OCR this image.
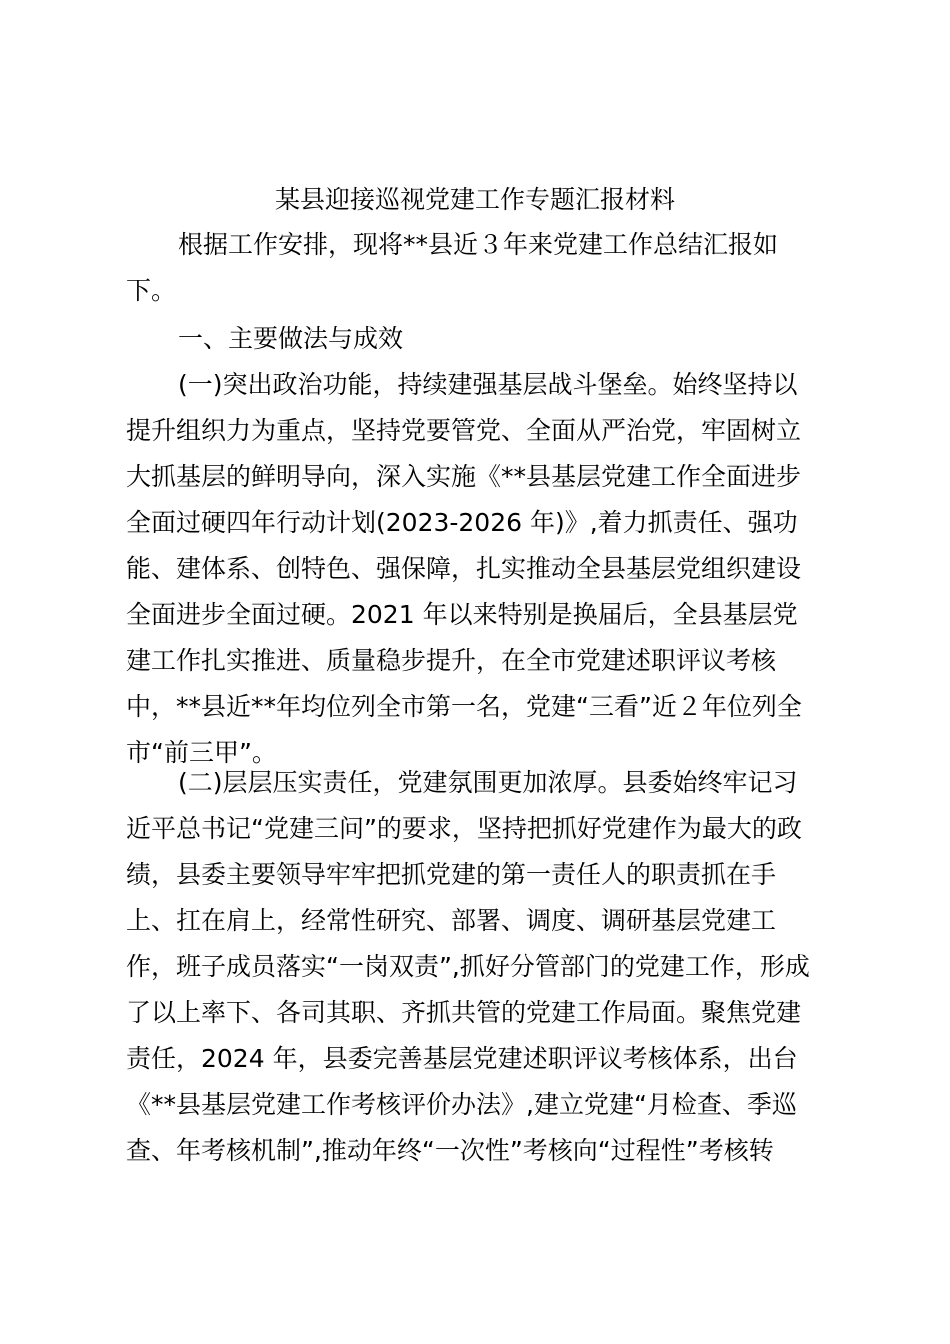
某县迎接巡视党建工作专题汇报材料
根据工作安排，现将**县近３年来党建工作总结汇报如
下。
一、主要做法与成效
(一)突出政治功能，持续建强基层战斗堡垒。始终坚持以
提升组织力为重点，坚持党要管党、全面从严治党，牢固树立
大抓基层的鲜明导向，深入实施《**县基层党建工作全面进步
全面过硬四年行动计划(2023-2026 年)》,着力抓责任、强功
能、建体系、创特色、强保障，扎实推动全县基层党组织建设
全面进步全面过硬。2021 年以来特别是换届后，全县基层党
建工作扎实推进、质量稳步提升，在全市党建述职评议考核
中，**县近**年均位列全市第一名，党建“三看”近２年位列全
市“前三甲”。
(二)层层压实责任，党建氛围更加浓厚。县委始终牢记习
近平总书记“党建三问”的要求，坚持把抓好党建作为最大的政
绩，县委主要领导牢牢把抓党建的第一责任人的职责抓在手
上、扛在肩上，经常性研究、部署、调度、调研基层党建工
作，班子成员落实“一岗双责”,抓好分管部门的党建工作，形成
了以上率下、各司其职、齐抓共管的党建工作局面。聚焦党建
责任，2024 年，县委完善基层党建述职评议考核体系，出台
《**县基层党建工作考核评价办法》,建立党建“月检查、季巡
查、年考核机制”,推动年终“一次性”考核向“过程性”考核转
